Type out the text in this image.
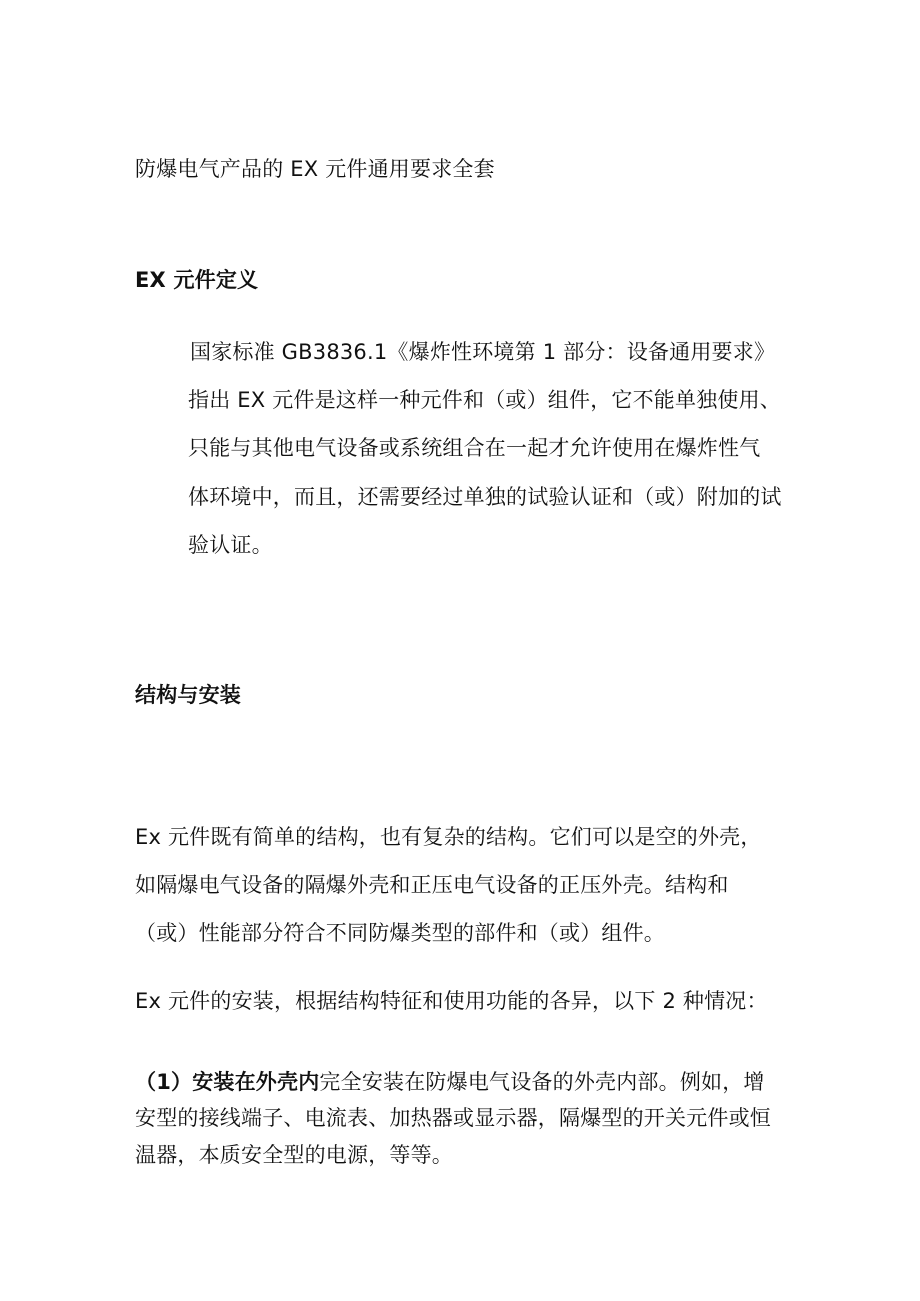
防爆电气产品的 EX 元件通用要求全套
EX 元件定义
国家标准 GB3836.1《爆炸性环境第 1 部分：设备通用要求》
指出 EX 元件是这样一种元件和（或）组件，它不能单独使用、
只能与其他电气设备或系统组合在一起才允许使用在爆炸性气
体环境中，而且，还需要经过单独的试验认证和（或）附加的试
验认证。
结构与安装
Ex 元件既有简单的结构，也有复杂的结构。它们可以是空的外壳，
如隔爆电气设备的隔爆外壳和正压电气设备的正压外壳。结构和
（或）性能部分符合不同防爆类型的部件和（或）组件。
Ex 元件的安装，根据结构特征和使用功能的各异，以下 2 种情况：
（1）安装在外壳内完全安装在防爆电气设备的外壳内部。例如，增
安型的接线端子、电流表、加热器或显示器，隔爆型的开关元件或恒
温器，本质安全型的电源，等等。
